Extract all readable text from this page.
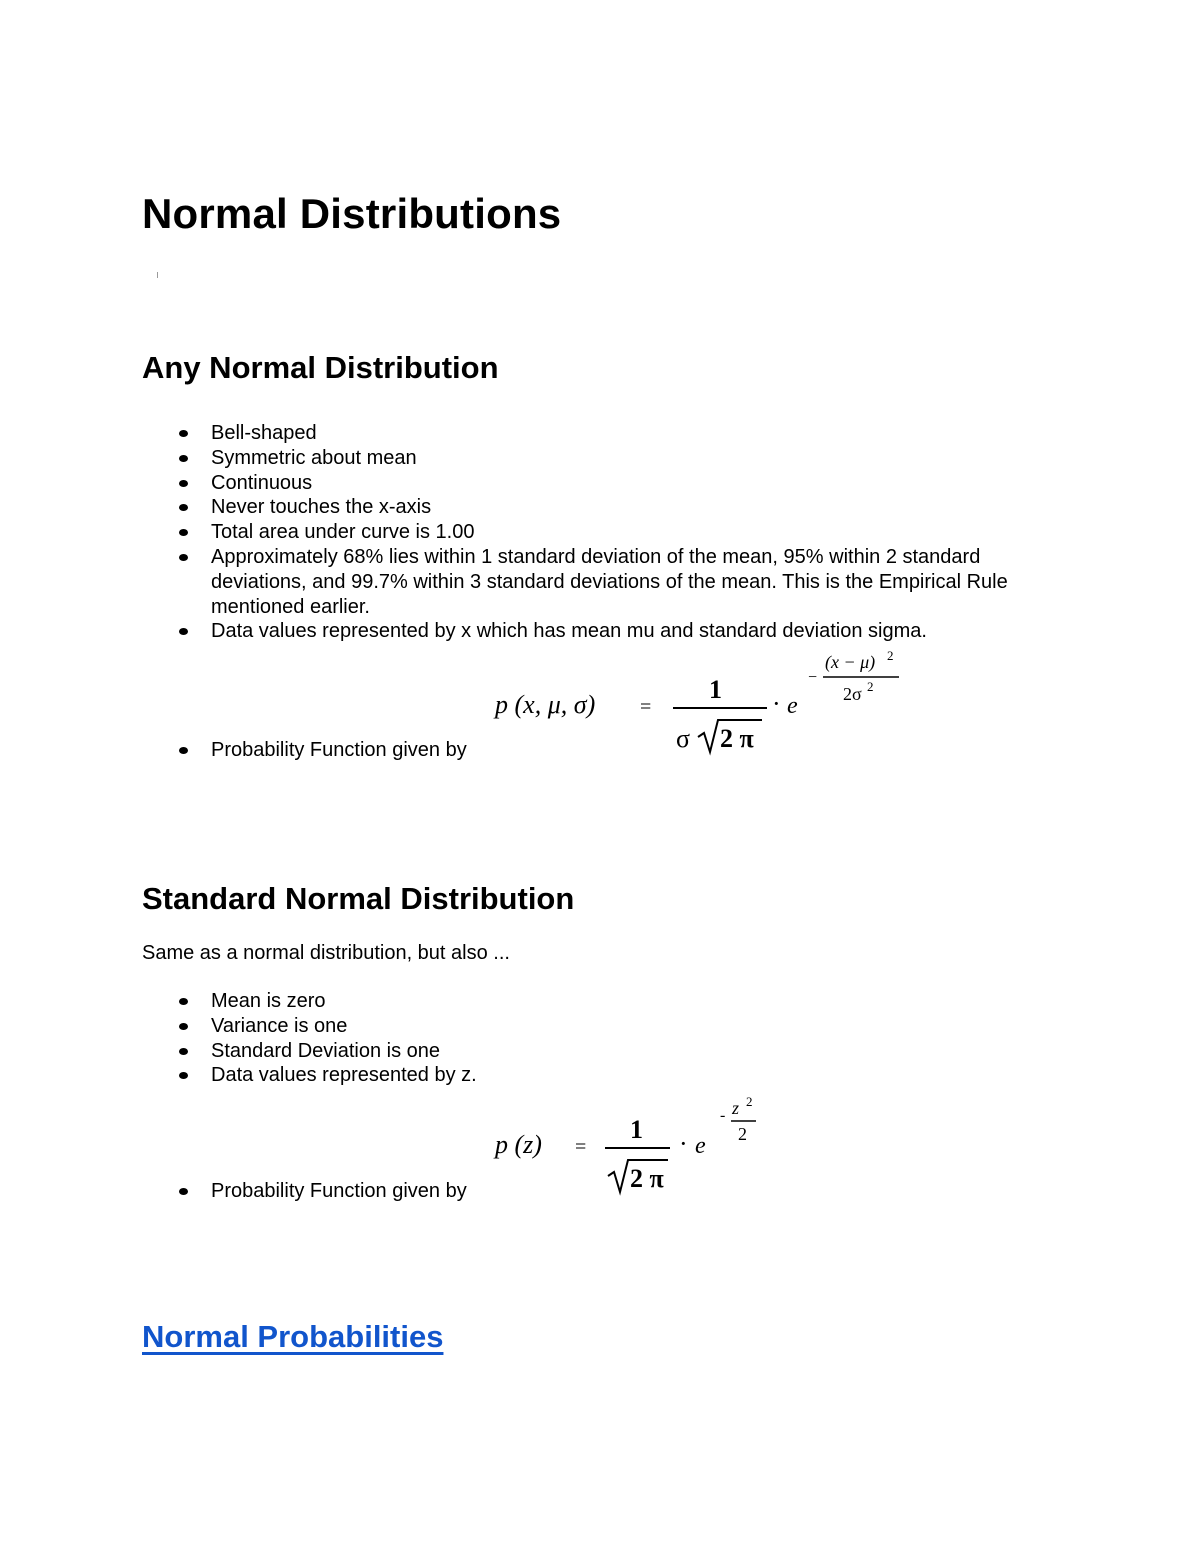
Normal Distributions
Any Normal Distribution
Bell-shaped
Symmetric about mean
Continuous
Never touches the x-axis
Total area under curve is 1.00
Approximately 68% lies within 1 standard deviation of the mean, 95% within 2 standard deviations, and 99.7% within 3 standard deviations of the mean. This is the Empirical Rule mentioned earlier.
Data values represented by x which has mean mu and standard deviation sigma.
p (x, μ, σ) =
1
σ 2 π
· e
−
(x − μ) 2
2σ 2
Probability Function given by
Standard Normal Distribution
Same as a normal distribution, but also ...
Mean is zero
Variance is one
Standard Deviation is one
Data values represented by z.
p (z) =
1
2 π
· e
- z 2
2
Probability Function given by
Normal Probabilities
